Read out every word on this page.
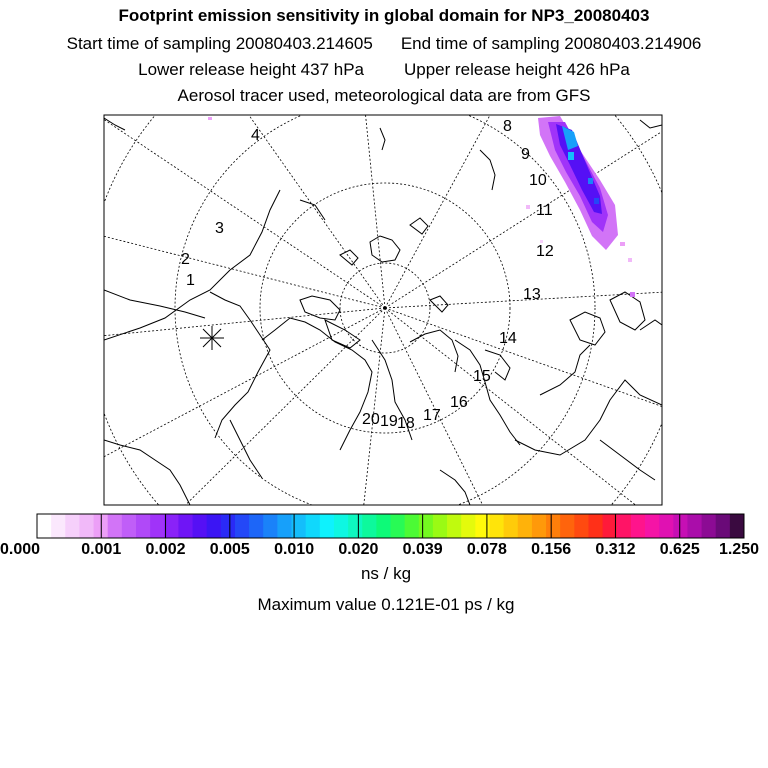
Footprint emission sensitivity in global domain for NP3_20080403
Start time of sampling 20080403.214605 End time of sampling 20080403.214906
Lower release height 437 hPa Upper release height 426 hPa
Aerosol tracer used, meteorological data are from GFS
1
2
3
4
8
9
10
11
12
13
14
15
16
17
18
19
20
0.000	0.001 0.002 0.005 0.010 0.020 0.039 0.078 0.156 0.312 0.625 1.250
ns / kg
Maximum value 0.121E-01 ps / kg
